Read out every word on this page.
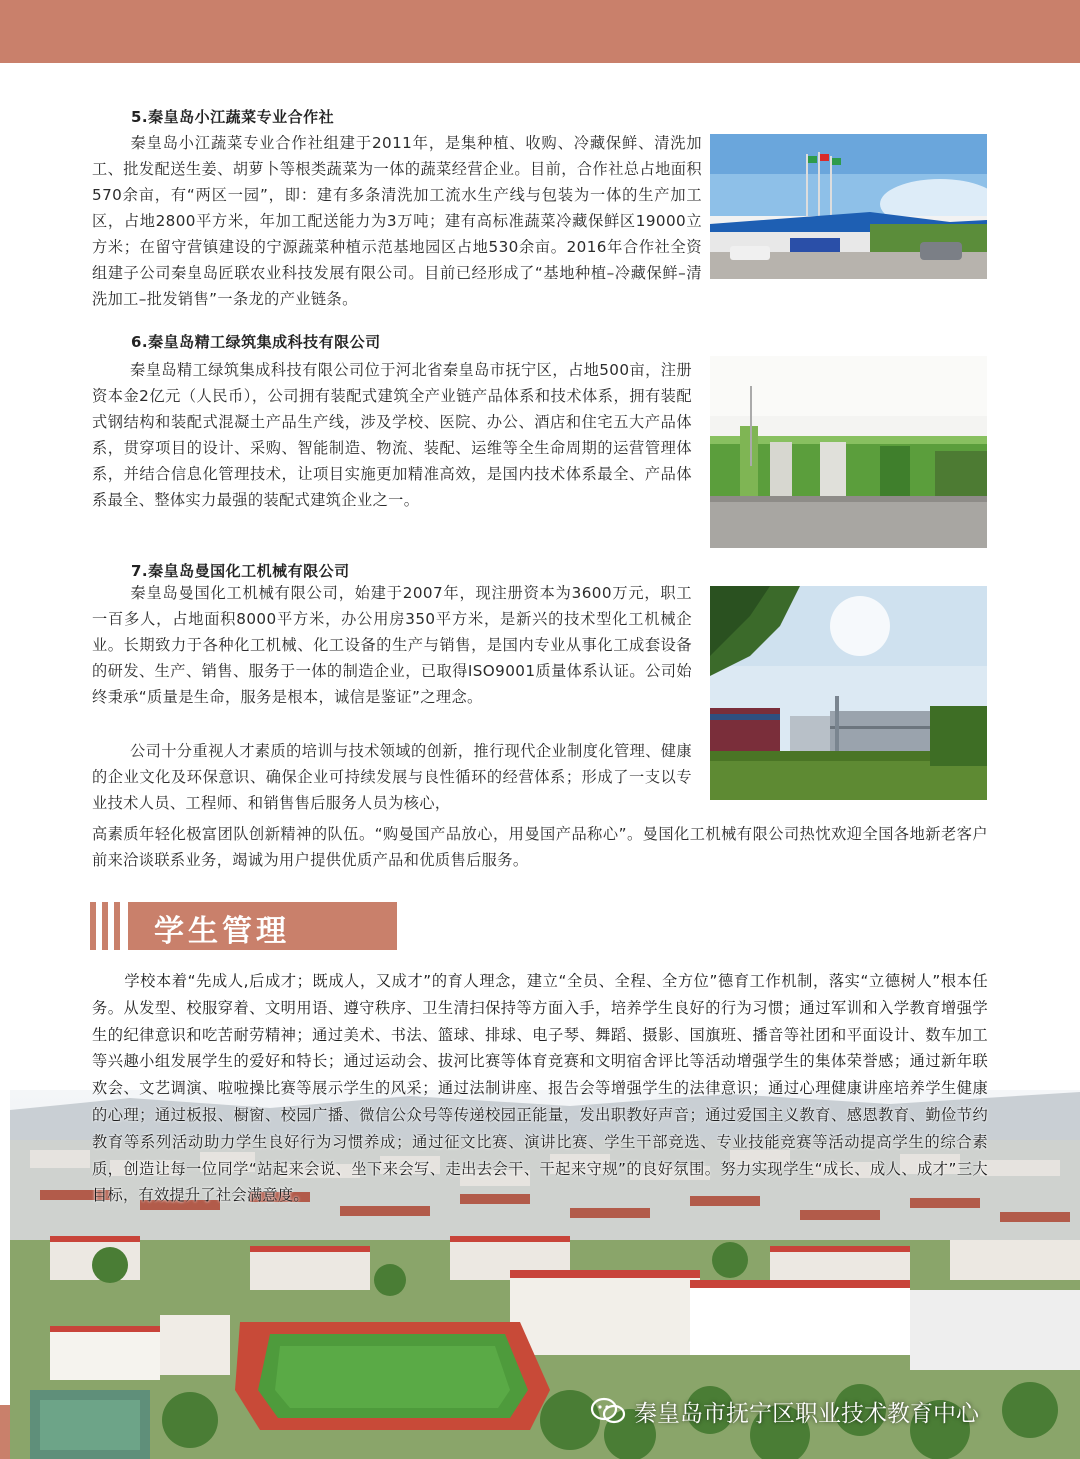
5.秦皇岛小江蔬菜专业合作社

秦皇岛小江蔬菜专业合作社组建于2011年，是集种植、收购、冷藏保鲜、清洗加工、批发配送生姜、胡萝卜等根类蔬菜为一体的蔬菜经营企业。目前，合作社总占地面积570余亩，有“两区一园”，即：建有多条清洗加工流水生产线与包装为一体的生产加工区，占地2800平方米，年加工配送能力为3万吨；建有高标准蔬菜冷藏保鲜区19000立方米；在留守营镇建设的宁源蔬菜种植示范基地园区占地530余亩。2016年合作社全资组建子公司秦皇岛匠联农业科技发展有限公司。目前已经形成了“基地种植–冷藏保鲜–清洗加工–批发销售”一条龙的产业链条。

6.秦皇岛精工绿筑集成科技有限公司

秦皇岛精工绿筑集成科技有限公司位于河北省秦皇岛市抚宁区，占地500亩，注册资本金2亿元（人民币），公司拥有装配式建筑全产业链产品体系和技术体系，拥有装配式钢结构和装配式混凝土产品生产线，涉及学校、医院、办公、酒店和住宅五大产品体系，贯穿项目的设计、采购、智能制造、物流、装配、运维等全生命周期的运营管理体系，并结合信息化管理技术，让项目实施更加精准高效，是国内技术体系最全、产品体系最全、整体实力最强的装配式建筑企业之一。

7.秦皇岛曼国化工机械有限公司

秦皇岛曼国化工机械有限公司，始建于2007年，现注册资本为3600万元，职工一百多人，占地面积8000平方米，办公用房350平方米，是新兴的技术型化工机械企业。长期致力于各种化工机械、化工设备的生产与销售，是国内专业从事化工成套设备的研发、生产、销售、服务于一体的制造企业，已取得ISO9001质量体系认证。公司始终秉承“质量是生命，服务是根本，诚信是鉴证”之理念。

公司十分重视人才素质的培训与技术领域的创新，推行现代企业制度化管理、健康的企业文化及环保意识、确保企业可持续发展与良性循环的经营体系；形成了一支以专业技术人员、工程师、和销售售后服务人员为核心，

高素质年轻化极富团队创新精神的队伍。“购曼国产品放心，用曼国产品称心”。曼国化工机械有限公司热忱欢迎全国各地新老客户前来洽谈联系业务，竭诚为用户提供优质产品和优质售后服务。

学生管理

学校本着“先成人,后成才；既成人，又成才”的育人理念，建立“全员、全程、全方位”德育工作机制，落实“立德树人”根本任务。从发型、校服穿着、文明用语、遵守秩序、卫生清扫保持等方面入手，培养学生良好的行为习惯；通过军训和入学教育增强学生的纪律意识和吃苦耐劳精神；通过美术、书法、篮球、排球、电子琴、舞蹈、摄影、国旗班、播音等社团和平面设计、数车加工等兴趣小组发展学生的爱好和特长；通过运动会、拔河比赛等体育竞赛和文明宿舍评比等活动增强学生的集体荣誉感；通过新年联欢会、文艺调演、啦啦操比赛等展示学生的风采；通过法制讲座、报告会等增强学生的法律意识；通过心理健康讲座培养学生健康的心理；通过板报、橱窗、校园广播、微信公众号等传递校园正能量，发出职教好声音；通过爱国主义教育、感恩教育、勤俭节约教育等系列活动助力学生良好行为习惯养成；通过征文比赛、演讲比赛、学生干部竞选、专业技能竞赛等活动提高学生的综合素质，创造让每一位同学“站起来会说、坐下来会写、走出去会干、干起来守规”的良好氛围。努力实现学生“成长、成人、成才”三大目标，有效提升了社会满意度。

秦皇岛市抚宁区职业技术教育中心
